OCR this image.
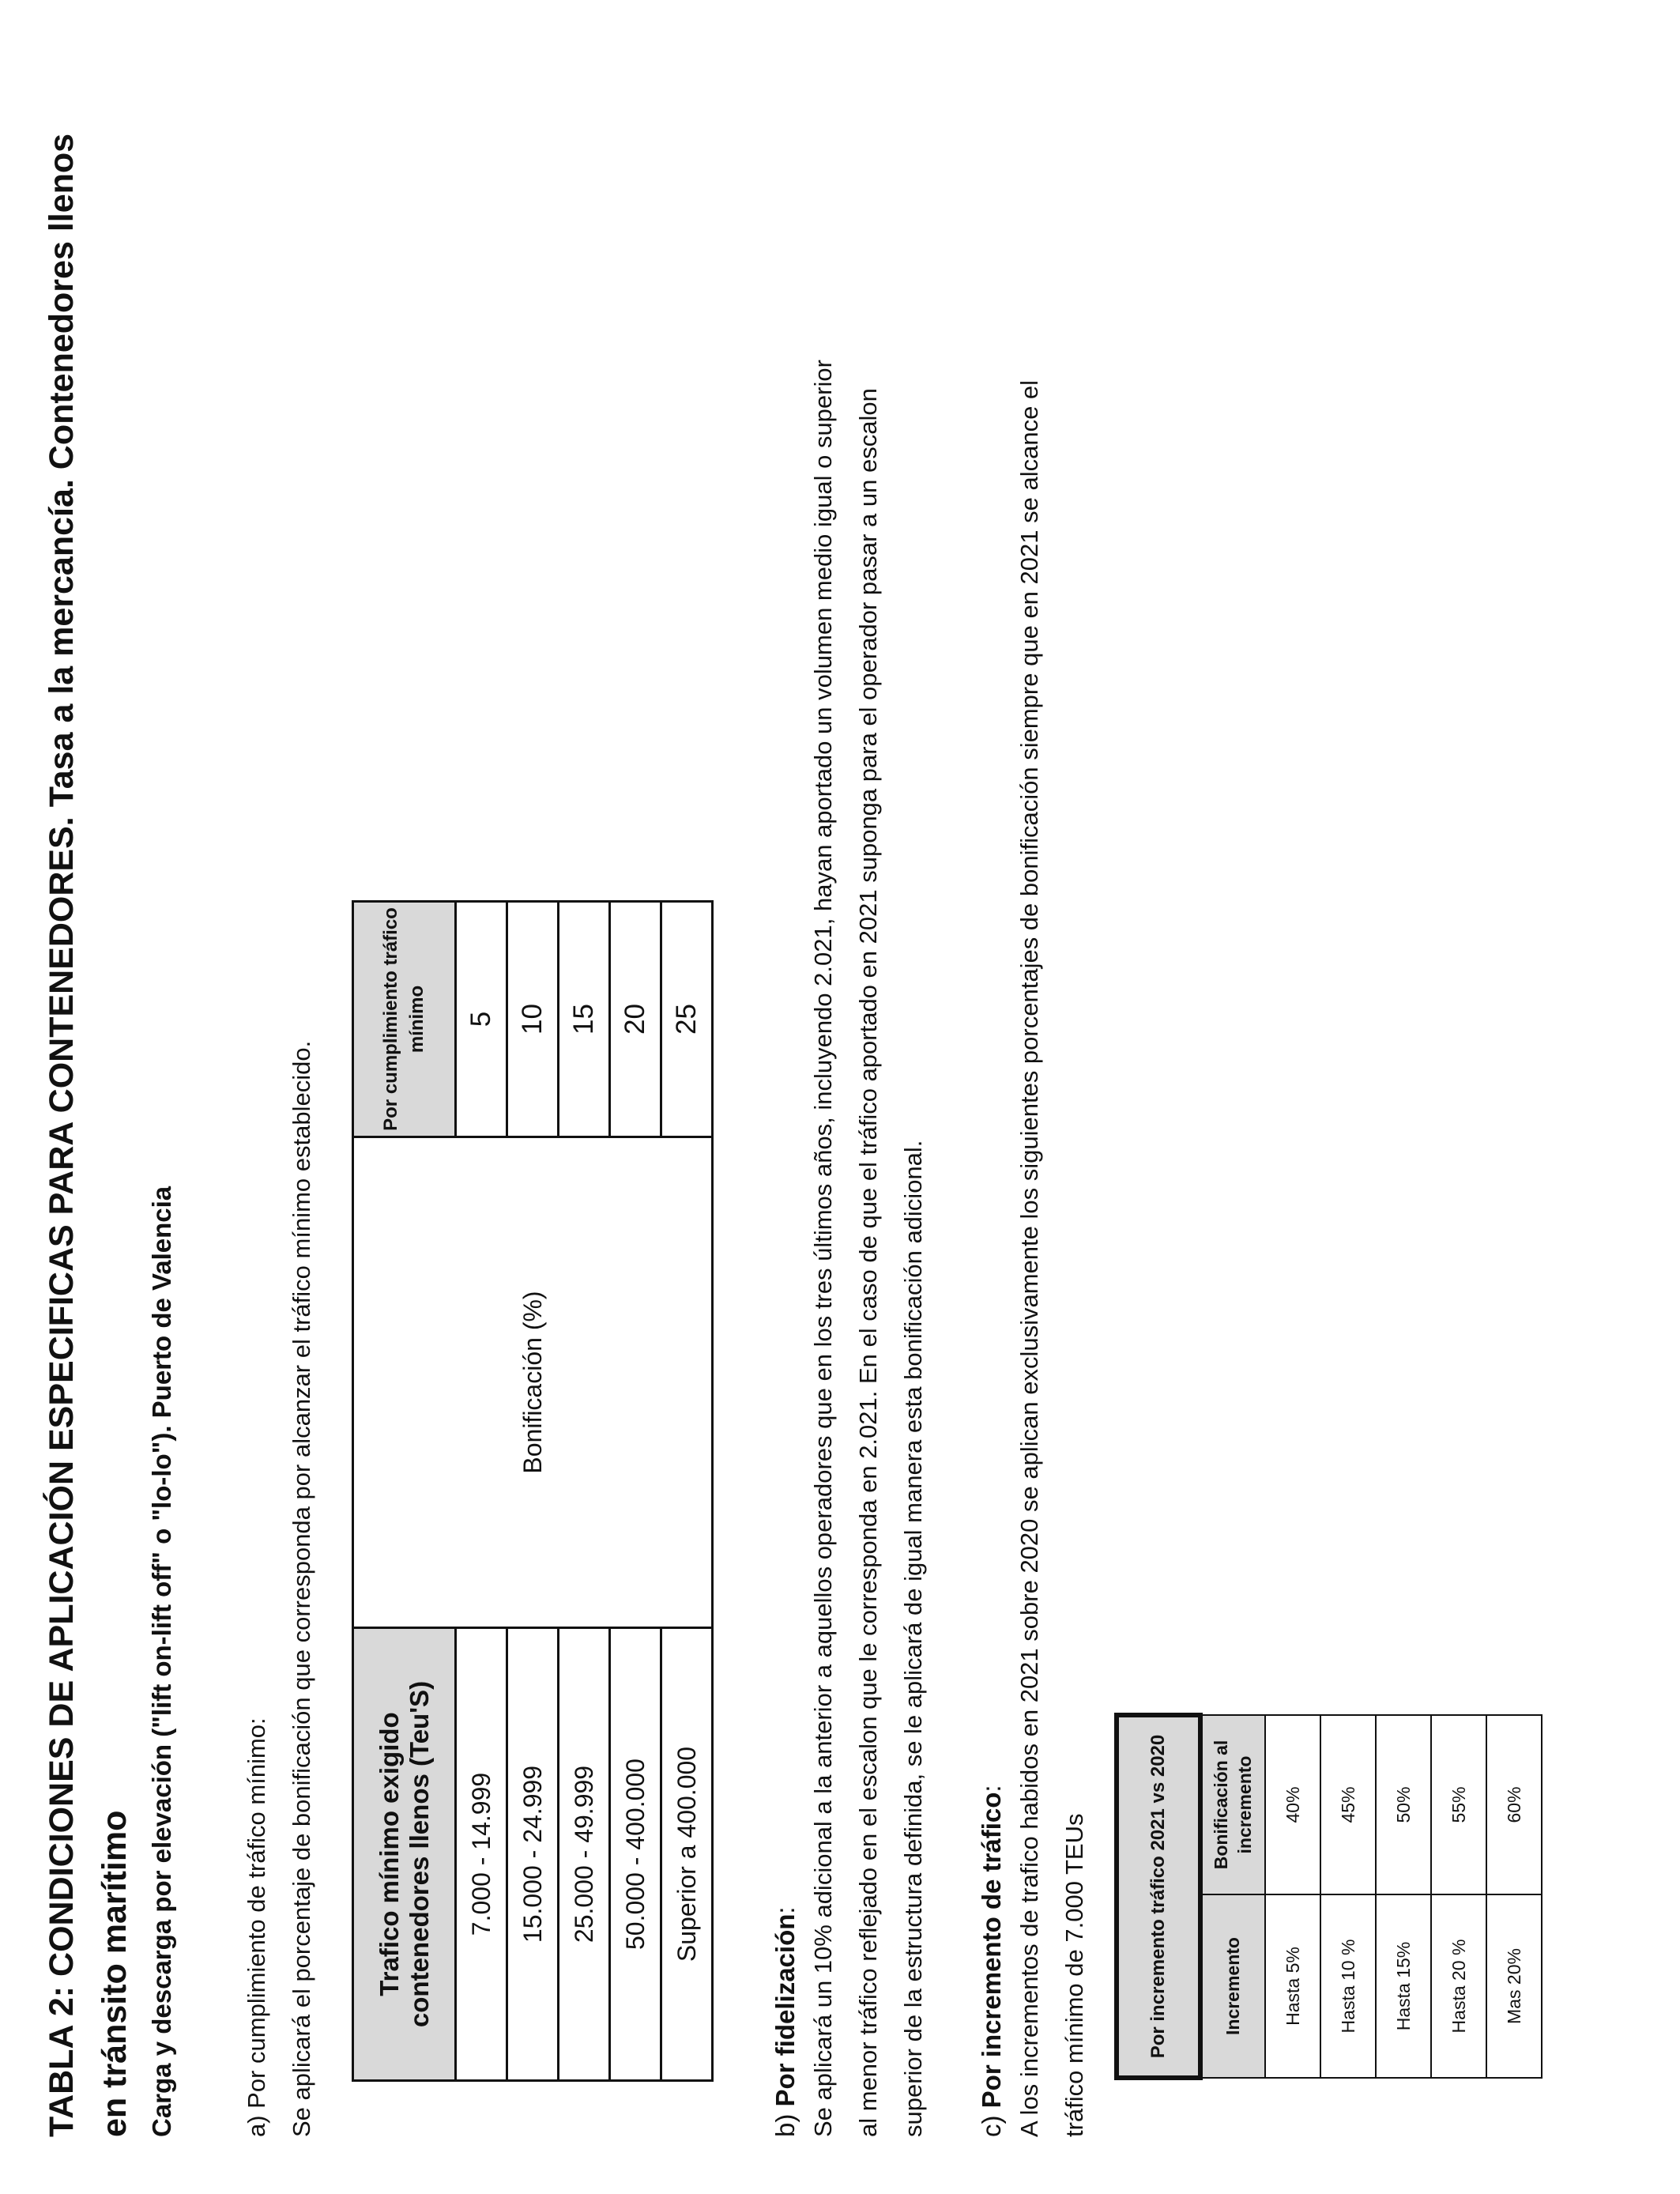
TABLA 2: CONDICIONES DE APLICACIÓN ESPECIFICAS PARA CONTENEDORES. Tasa a la mercancía. Contenedores llenos en tránsito marítimo Carga y descarga por elevación ("lift on-lift off" o "lo-lo"). Puerto de Valencia	a) Por cumplimiento de tráfico mínimo: Se aplicará el porcentaje de bonificación que corresponda por alcanzar el tráfico mínimo establecido.	Trafico mínimo exigido contenedores llenos (Teu'S)	Bonificación (%)	Por cumplimiento tráfico mínimo
7.000 - 14.999		5
15.000 - 24.999		10
25.000 - 49.999		15
50.000 - 400.000		20
Superior a 400.000		25

b) Por fidelización: Se aplicará un 10% adicional a la anterior a aquellos operadores que en los tres últimos años, incluyendo 2.021, hayan aportado un volumen medio igual o superior al menor tráfico reflejado en el escalon que le corresponda en 2.021. En el caso de que el tráfico aportado en 2021 suponga para el operador pasar a un escalon superior de la estructura definida, se le aplicará de igual manera esta bonificación adicional.	c) Por incremento de tráfico: A los incrementos de trafico habidos en 2021 sobre 2020 se aplican exclusivamente los siguientes porcentajes de bonificación siempre que en 2021 se alcance el tráfico mínimo de 7.000 TEUs	Por incremento tráfico 2021 vs 2020	
Incremento	Bonificación al incremento
Hasta 5%	40%
Hasta 10 %	45%
Hasta 15%	50%
Hasta 20 %	55%
Mas 20%	60%
